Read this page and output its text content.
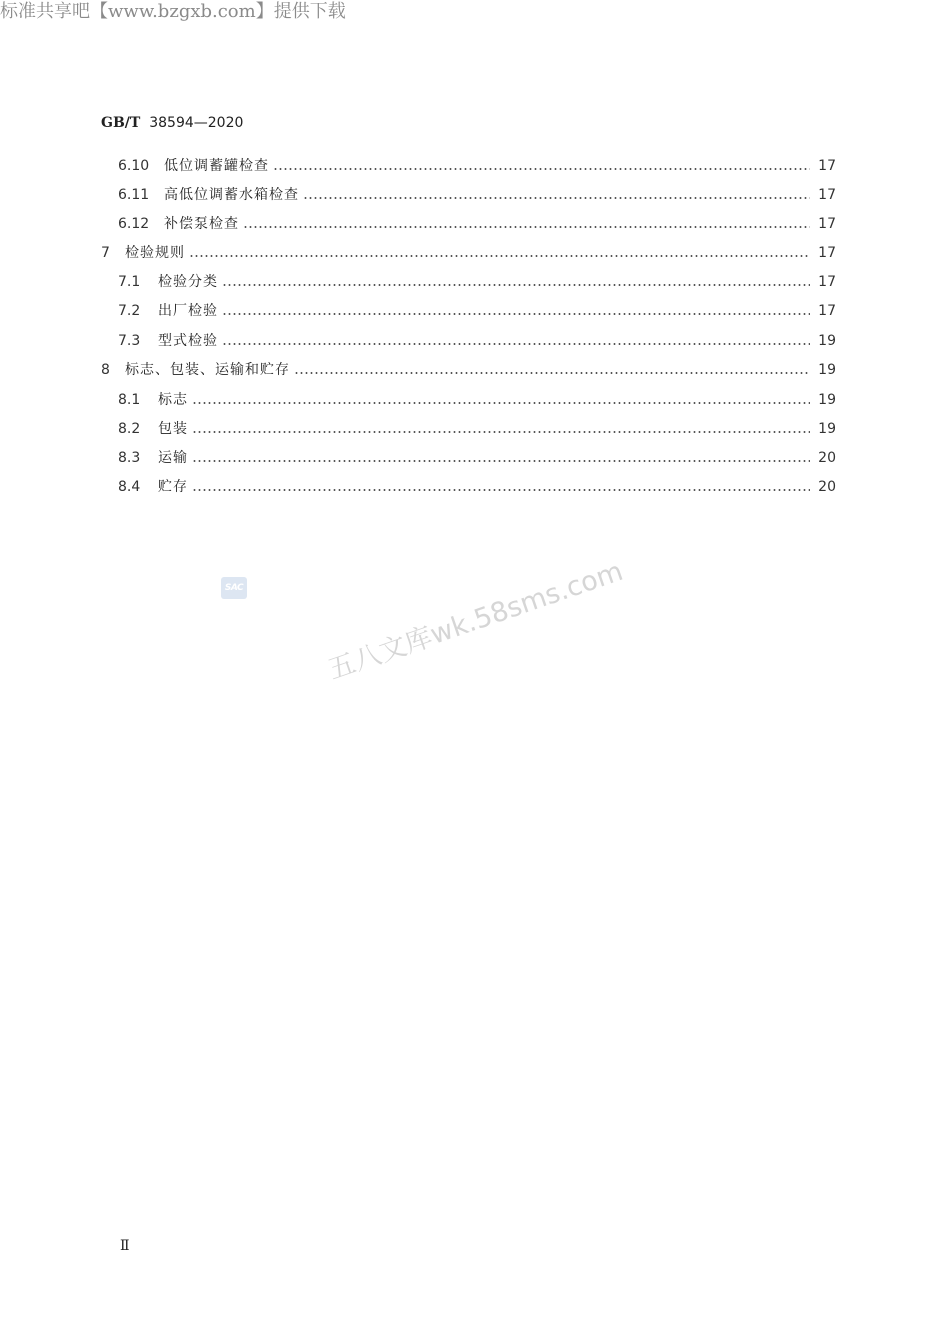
标准共享吧【www.bzgxb.com】提供下载
GB/T 38594—2020
6.10	低位调蓄罐检查	17
6.11	高低位调蓄水箱检查	17
6.12	补偿泵检查	17
7	检验规则	17
7.1	检验分类	17
7.2	出厂检验	17
7.3	型式检验	19
8	标志、包装、运输和贮存	19
8.1	标志	19
8.2	包装	19
8.3	运输	20
8.4	贮存	20
SAC	五八文库wk.58sms.com
Ⅱ
